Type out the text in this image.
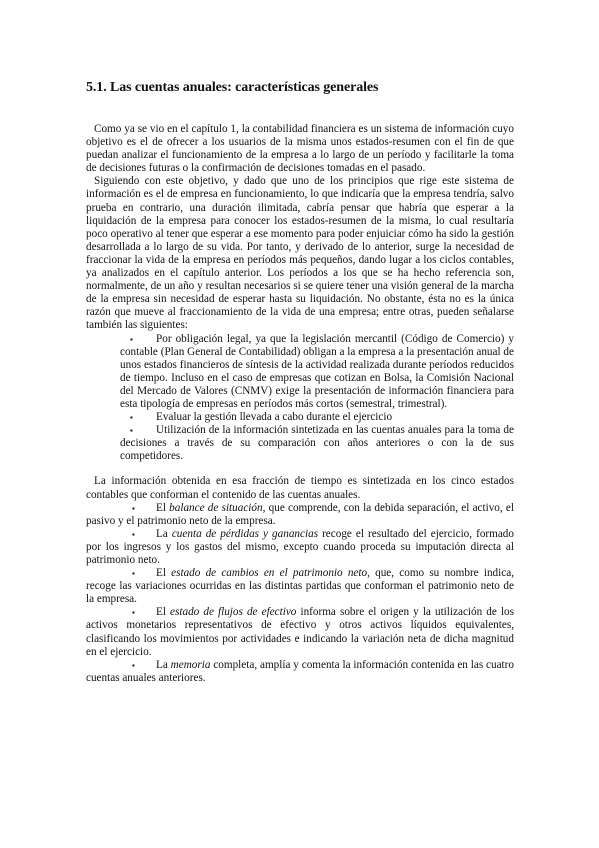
5.1. Las cuentas anuales: características generales

Como ya se vio en el capítulo 1, la contabilidad financiera es un sistema de información cuyo objetivo es el de ofrecer a los usuarios de la misma unos estados-resumen con el fin de que puedan analizar el funcionamiento de la empresa a lo largo de un período y facilitarle la toma de decisiones futuras o la confirmación de decisiones tomadas en el pasado.

Siguiendo con este objetivo, y dado que uno de los principios que rige este sistema de información es el de empresa en funcionamiento, lo que indicaría que la empresa tendría, salvo prueba en contrario, una duración ilimitada, cabría pensar que habría que esperar a la liquidación de la empresa para conocer los estados-resumen de la misma, lo cual resultaría poco operativo al tener que esperar a ese momento para poder enjuiciar cómo ha sido la gestión desarrollada a lo largo de su vida. Por tanto, y derivado de lo anterior, surge la necesidad de fraccionar la vida de la empresa en períodos más pequeños, dando lugar a los ciclos contables, ya analizados en el capítulo anterior. Los períodos a los que se ha hecho referencia son, normalmente, de un año y resultan necesarios si se quiere tener una visión general de la marcha de la empresa sin necesidad de esperar hasta su liquidación. No obstante, ésta no es la única razón que mueve al fraccionamiento de la vida de una empresa; entre otras, pueden señalarse también las siguientes:

▪ Por obligación legal, ya que la legislación mercantil (Código de Comercio) y contable (Plan General de Contabilidad) obligan a la empresa a la presentación anual de unos estados financieros de síntesis de la actividad realizada durante períodos reducidos de tiempo. Incluso en el caso de empresas que cotizan en Bolsa, la Comisión Nacional del Mercado de Valores (CNMV) exige la presentación de información financiera para esta tipología de empresas en períodos más cortos (semestral, trimestral).
▪ Evaluar la gestión llevada a cabo durante el ejercicio
▪ Utilización de la información sintetizada en las cuentas anuales para la toma de decisiones a través de su comparación con años anteriores o con la de sus competidores.

La información obtenida en esa fracción de tiempo es sintetizada en los cinco estados contables que conforman el contenido de las cuentas anuales.

▪ El balance de situación, que comprende, con la debida separación, el activo, el pasivo y el patrimonio neto de la empresa.
▪ La cuenta de pérdidas y ganancias recoge el resultado del ejercicio, formado por los ingresos y los gastos del mismo, excepto cuando proceda su imputación directa al patrimonio neto.
▪ El estado de cambios en el patrimonio neto, que, como su nombre indica, recoge las variaciones ocurridas en las distintas partidas que conforman el patrimonio neto de la empresa.
▪ El estado de flujos de efectivo informa sobre el origen y la utilización de los activos monetarios representativos de efectivo y otros activos líquidos equivalentes, clasificando los movimientos por actividades e indicando la variación neta de dicha magnitud en el ejercicio.
▪ La memoria completa, amplía y comenta la información contenida en las cuatro cuentas anuales anteriores.
